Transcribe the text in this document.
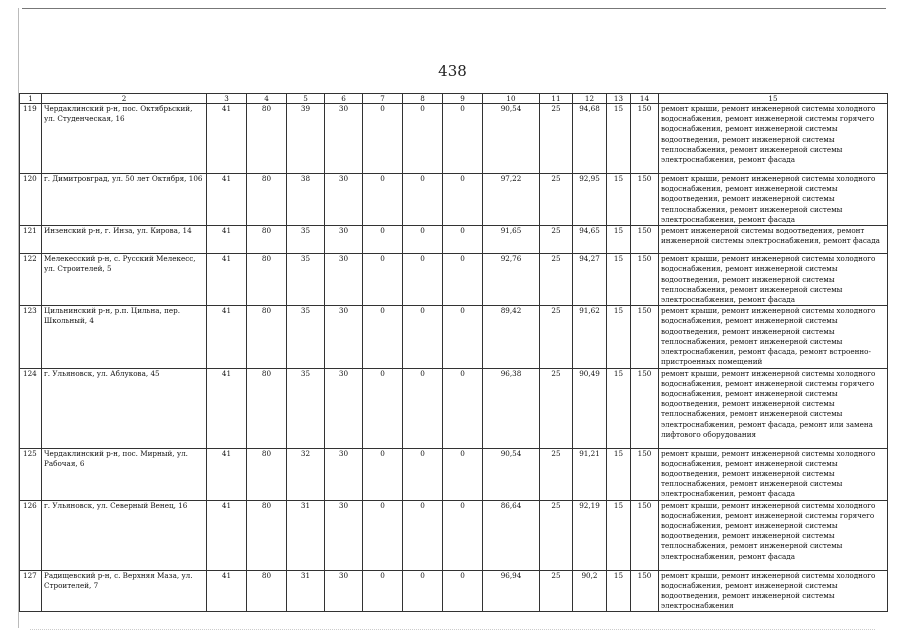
438
1	2	3	4	5	6	7	8	9	10	11	12	13	14	15
119	Чердаклинский р-н, пос. Октябрьский, ул. Студенческая, 16	41	80	39	30	0	0	0	90,54	25	94,68	15	150	ремонт крыши, ремонт инженерной системы холодного водоснабжения, ремонт инженерной системы горячего водоснабжения, ремонт инженерной системы водоотведения, ремонт инженерной системы теплоснабжения, ремонт инженерной системы электроснабжения, ремонт фасада
120	г. Димитровград, ул. 50 лет Октября, 106	41	80	38	30	0	0	0	97,22	25	92,95	15	150	ремонт крыши, ремонт инженерной системы холодного водоснабжения, ремонт инженерной системы водоотведения, ремонт инженерной системы теплоснабжения, ремонт инженерной системы электроснабжения, ремонт фасада
121	Инзенский р-н, г. Инза, ул. Кирова, 14	41	80	35	30	0	0	0	91,65	25	94,65	15	150	ремонт инженерной системы водоотведения, ремонт инженерной системы электроснабжения, ремонт фасада
122	Мелекесский р-н, с. Русский Мелекесс, ул. Строителей, 5	41	80	35	30	0	0	0	92,76	25	94,27	15	150	ремонт крыши, ремонт инженерной системы холодного водоснабжения, ремонт инженерной системы водоотведения, ремонт инженерной системы теплоснабжения, ремонт инженерной системы электроснабжения, ремонт фасада
123	Цильнинский р-н, р.п. Цильна, пер. Школьный, 4	41	80	35	30	0	0	0	89,42	25	91,62	15	150	ремонт крыши, ремонт инженерной системы холодного водоснабжения, ремонт инженерной системы водоотведения, ремонт инженерной системы теплоснабжения, ремонт инженерной системы электроснабжения, ремонт фасада, ремонт встроенно-пристроенных помещений
124	г. Ульяновск, ул. Аблукова, 45	41	80	35	30	0	0	0	96,38	25	90,49	15	150	ремонт крыши, ремонт инженерной системы холодного водоснабжения, ремонт инженерной системы горячего водоснабжения, ремонт инженерной системы водоотведения, ремонт инженерной системы теплоснабжения, ремонт инженерной системы электроснабжения, ремонт фасада, ремонт или замена лифтового оборудования
125	Чердаклинский р-н, пос. Мирный, ул. Рабочая, 6	41	80	32	30	0	0	0	90,54	25	91,21	15	150	ремонт крыши, ремонт инженерной системы холодного водоснабжения, ремонт инженерной системы водоотведения, ремонт инженерной системы теплоснабжения, ремонт инженерной системы электроснабжения, ремонт фасада
126	г. Ульяновск, ул. Северный Венец, 16	41	80	31	30	0	0	0	86,64	25	92,19	15	150	ремонт крыши, ремонт инженерной системы холодного водоснабжения, ремонт инженерной системы горячего водоснабжения, ремонт инженерной системы водоотведения, ремонт инженерной системы теплоснабжения, ремонт инженерной системы электроснабжения, ремонт фасада
127	Радищевский р-н, с. Верхняя Маза, ул. Строителей, 7	41	80	31	30	0	0	0	96,94	25	90,2	15	150	ремонт крыши, ремонт инженерной системы холодного водоснабжения, ремонт инженерной системы водоотведения, ремонт инженерной системы электроснабжения
